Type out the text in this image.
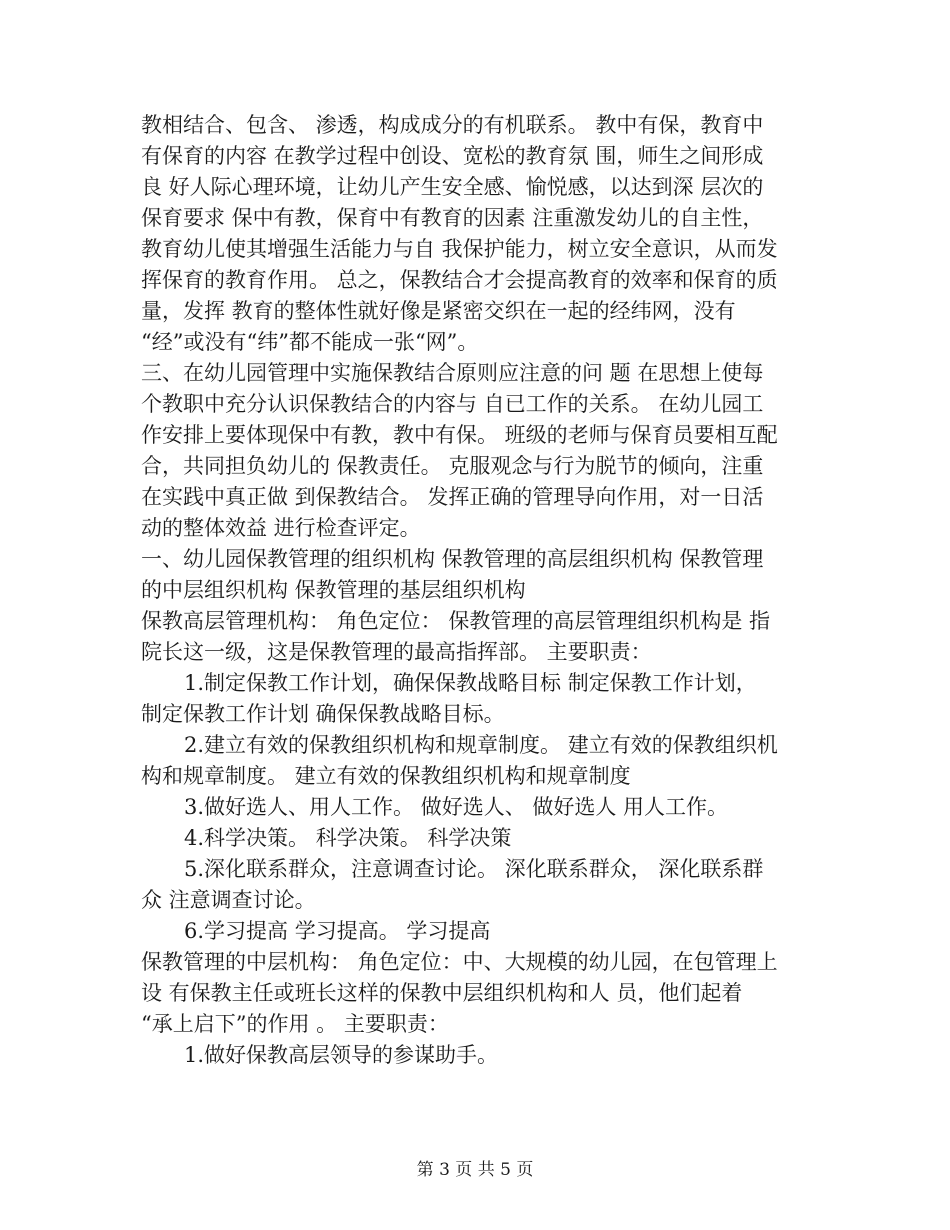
教相结合、包含、 渗透，构成成分的有机联系。 教中有保，教育中

有保育的内容 在教学过程中创设、宽松的教育氛 围，师生之间形成

良 好人际心理环境，让幼儿产生安全感、愉悦感，以达到深 层次的

保育要求 保中有教，保育中有教育的因素 注重激发幼儿的自主性，

教育幼儿使其增强生活能力与自 我保护能力，树立安全意识，从而发

挥保育的教育作用。 总之，保教结合才会提高教育的效率和保育的质

量，发挥 教育的整体性就好像是紧密交织在一起的经纬网，没有

“经”或没有“纬”都不能成一张“网”。

三、在幼儿园管理中实施保教结合原则应注意的问 题 在思想上使每

个教职中充分认识保教结合的内容与 自已工作的关系。 在幼儿园工

作安排上要体现保中有教，教中有保。 班级的老师与保育员要相互配

合，共同担负幼儿的 保教责任。 克服观念与行为脱节的倾向，注重

在实践中真正做 到保教结合。 发挥正确的管理导向作用，对一日活

动的整体效益 进行检查评定。

一、幼儿园保教管理的组织机构 保教管理的高层组织机构 保教管理

的中层组织机构 保教管理的基层组织机构

保教高层管理机构： 角色定位： 保教管理的高层管理组织机构是 指

院长这一级，这是保教管理的最高指挥部。 主要职责：

1.制定保教工作计划，确保保教战略目标 制定保教工作计划，

制定保教工作计划 确保保教战略目标。

2.建立有效的保教组织机构和规章制度。 建立有效的保教组织机

构和规章制度。 建立有效的保教组织机构和规章制度

3.做好选人、用人工作。 做好选人、 做好选人 用人工作。

4.科学决策。 科学决策。 科学决策

5.深化联系群众，注意调查讨论。 深化联系群众， 深化联系群

众 注意调查讨论。

6.学习提高 学习提高。 学习提高

保教管理的中层机构： 角色定位：中、大规模的幼儿园，在包管理上

设 有保教主任或班长这样的保教中层组织机构和人 员，他们起着

“承上启下”的作用 。 主要职责：

1.做好保教高层领导的参谋助手。

第 3 页 共 5 页
